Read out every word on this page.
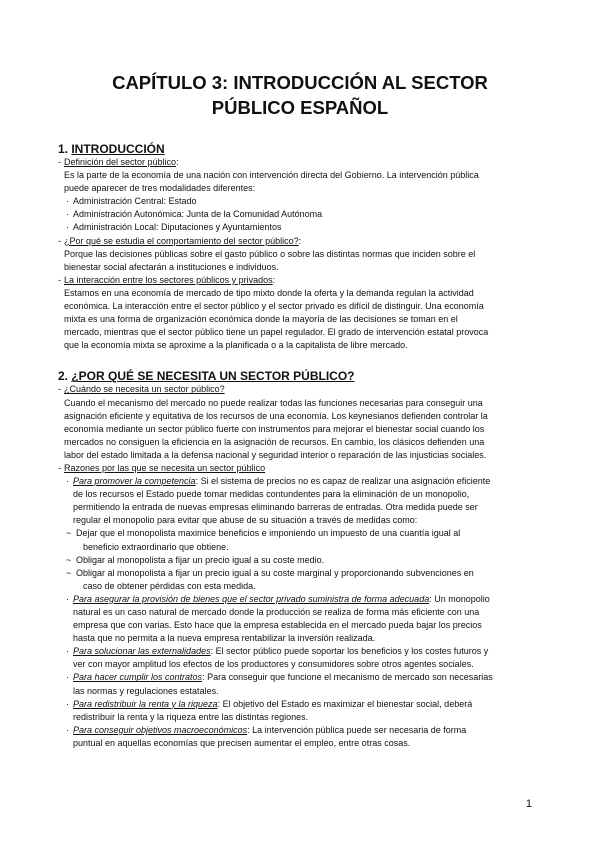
CAPÍTULO 3: INTRODUCCIÓN AL SECTOR
PÚBLICO ESPAÑOL
1. INTRODUCCIÓN
- Definición del sector público:
Es la parte de la economía de una nación con intervención directa del Gobierno. La intervención pública
puede aparecer de tres modalidades diferentes:
· Administración Central: Estado
· Administración Autonómica: Junta de la Comunidad Autónoma
· Administración Local: Diputaciones y Ayuntamientos
- ¿Por qué se estudia el comportamiento del sector público?:
Porque las decisiones públicas sobre el gasto público o sobre las distintas normas que inciden sobre el
bienestar social afectarán a instituciones e individuos.
- La interacción entre los sectores públicos y privados:
Estamos en una economía de mercado de tipo mixto donde la oferta y la demanda regulan la actividad
económica. La interacción entre el sector público y el sector privado es difícil de distinguir. Una economía
mixta es una forma de organización económica donde la mayoría de las decisiones se toman en el
mercado, mientras que el sector público tiene un papel regulador. El grado de intervención estatal provoca
que la economía mixta se aproxime a la planificada o a la capitalista de libre mercado.
2. ¿POR QUÉ SE NECESITA UN SECTOR PÚBLICO?
- ¿Cuándo se necesita un sector público?
Cuando el mecanismo del mercado no puede realizar todas las funciones necesarias para conseguir una
asignación eficiente y equitativa de los recursos de una economía. Los keynesianos defienden controlar la
economía mediante un sector público fuerte con instrumentos para mejorar el bienestar social cuando los
mercados no consiguen la eficiencia en la asignación de recursos. En cambio, los clásicos defienden una
labor del estado limitada a la defensa nacional y seguridad interior o reparación de las injusticias sociales.
- Razones por las que se necesita un sector público
· Para promover la competencia: Si el sistema de precios no es capaz de realizar una asignación eficiente
de los recursos el Estado puede tomar medidas contundentes para la eliminación de un monopolio,
permitiendo la entrada de nuevas empresas eliminando barreras de entradas. Otra medida puede ser
regular el monopolio para evitar que abuse de su situación a través de medidas como:
~ Dejar que el monopolista maximice beneficios e imponiendo un impuesto de una cuantía igual al
beneficio extraordinario que obtiene.
~ Obligar al monopolista a fijar un precio igual a su coste medio.
~ Obligar al monopolista a fijar un precio igual a su coste marginal y proporcionando subvenciones en
caso de obtener pérdidas con esta medida.
· Para asegurar la provisión de bienes que el sector privado suministra de forma adecuada: Un monopolio
natural es un caso natural de mercado donde la producción se realiza de forma más eficiente con una
empresa que con varias. Esto hace que la empresa establecida en el mercado pueda bajar los precios
hasta que no permita a la nueva empresa rentabilizar la inversión realizada.
· Para solucionar las externalidades: El sector público puede soportar los beneficios y los costes futuros y
ver con mayor amplitud los efectos de los productores y consumidores sobre otros agentes sociales.
· Para hacer cumplir los contratos: Para conseguir que funcione el mecanismo de mercado son necesarias
las normas y regulaciones estatales.
· Para redistribuir la renta y la riqueza: El objetivo del Estado es maximizar el bienestar social, deberá
redistribuir la renta y la riqueza entre las distintas regiones.
· Para conseguir objetivos macroeconómicos: La intervención pública puede ser necesaria de forma
puntual en aquellas economías que precisen aumentar el empleo, entre otras cosas.
1
